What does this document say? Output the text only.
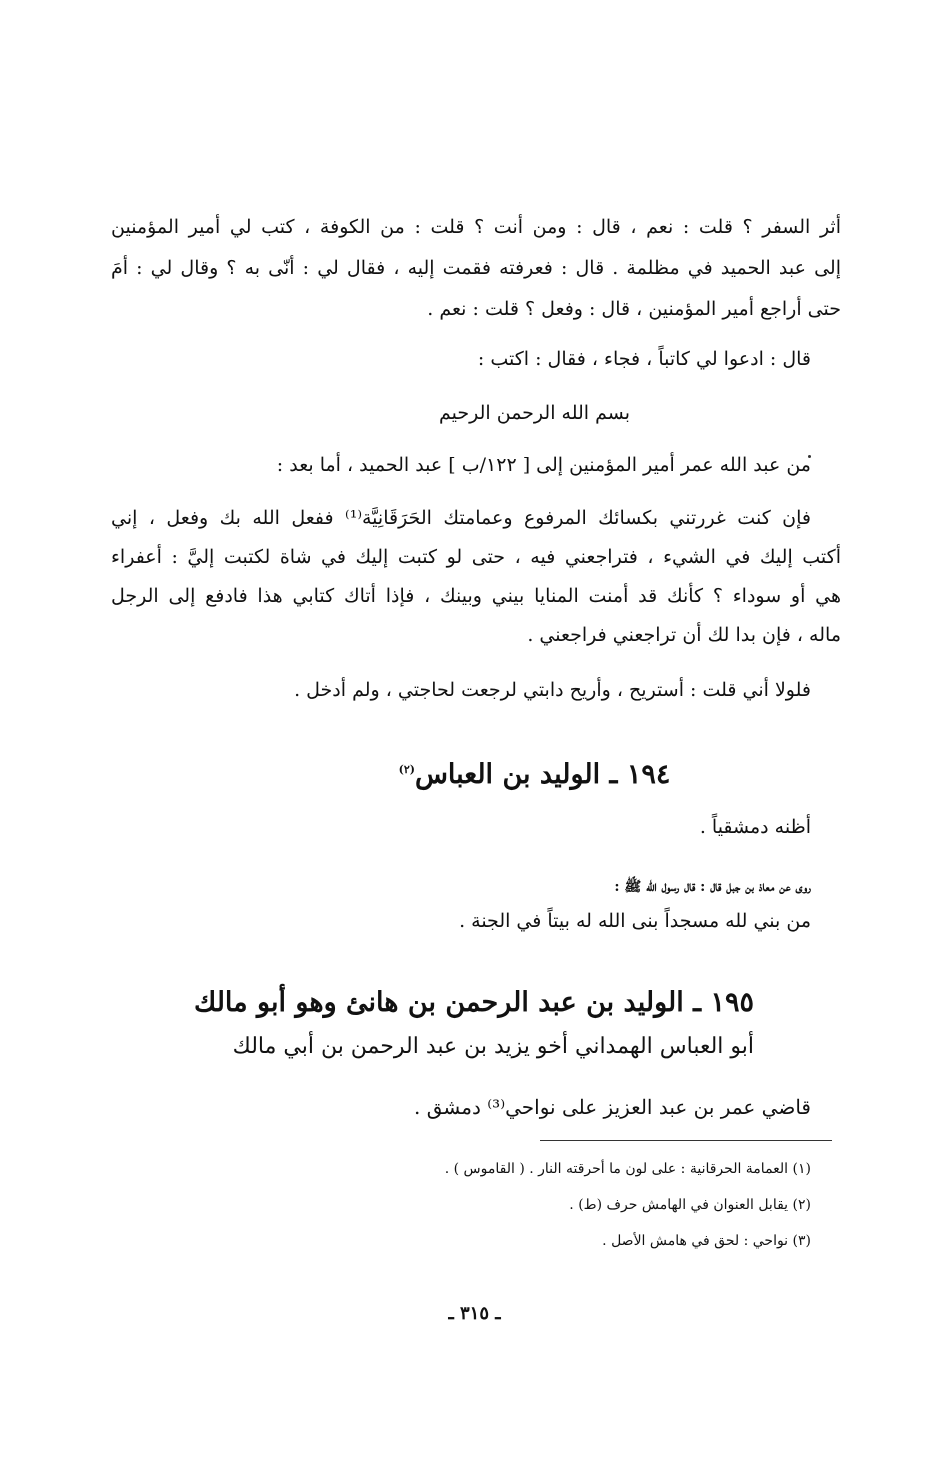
أثر السفر ؟ قلت : نعم ، قال : ومن أنت ؟ قلت : من الكوفة ، كتب لي أمير المؤمنين
إلى عبد الحميد في مظلمة . قال : فعرفته فقمت إليه ، فقال لي : أنّى به ؟ وقال لي : أمَ
حتى أراجع أمير المؤمنين ، قال : وفعل ؟ قلت : نعم .
قال : ادعوا لي كاتباً ، فجاء ، فقال : اكتب :
بسم الله الرحمن الرحيم
من عبد الله عمر أمير المؤمنين إلى [ ١٢٢/ب ] عبد الحميد ، أما بعد :
فإن كنت غررتني بكسائك المرفوع وعمامتك الحَرَقَانِيَّة⁽¹⁾ ففعل الله بك وفعل ، إني
أكتب إليك في الشيء ، فتراجعني فيه ، حتى لو كتبت إليك في شاة لكتبت إليَّ : أعفراء
هي أو سوداء ؟ كأنك قد أمنت المنايا بيني وبينك ، فإذا أتاك كتابي هذا فادفع إلى الرجل
ماله ، فإن بدا لك أن تراجعني فراجعني .
فلولا أني قلت : أستريح ، وأريح دابتي لرجعت لحاجتي ، ولم أدخل .
١٩٤ ـ الوليد بن العباس$^{(٢)}$
أظنه دمشقياً .
روى عن معاذ بن جبل قال : قال رسول الله ﷺ :
من بني لله مسجداً بنى الله له بيتاً في الجنة .
١٩٥ ـ الوليد بن عبد الرحمن بن هانئ وهو أبو مالك
أبو العباس الهمداني أخو يزيد بن عبد الرحمن بن أبي مالك
قاضي عمر بن عبد العزيز على نواحي⁽³⁾ دمشق .
(١) العمامة الحرقانية : على لون ما أحرقته النار . ( القاموس ) .
(٢) يقابل العنوان في الهامش حرف (ط) .
(٣) نواحي : لحق في هامش الأصل .
ـ ٣١٥ ـ
